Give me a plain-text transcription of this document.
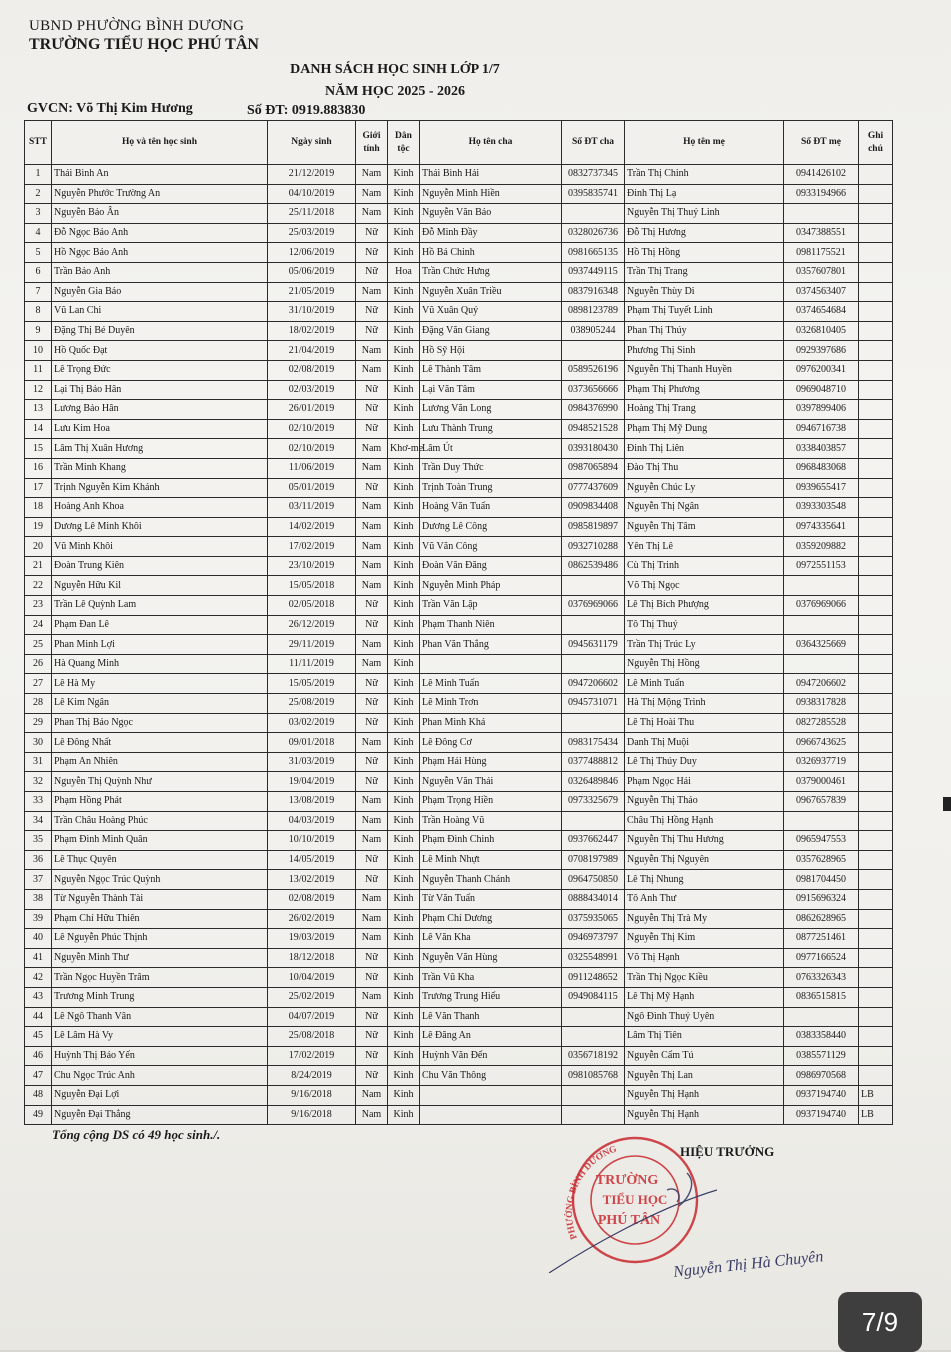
UBND PHƯỜNG BÌNH DƯƠNG
TRƯỜNG TIỂU HỌC PHÚ TÂN
DANH SÁCH HỌC SINH LỚP 1/7
NĂM HỌC 2025 - 2026
GVCN: Võ Thị Kim Hương	Số ĐT: 0919.883830
STT	Họ và tên học sinh	Ngày sinh	Giới tính	Dân tộc	Họ tên cha	Số ĐT cha	Họ tên mẹ	Số ĐT mẹ	Ghi chú
1	Thái Bình An	21/12/2019	Nam	Kinh	Thái Bình Hải	0832737345	Trần Thị Chinh	0941426102	
2	Nguyễn Phước Trường An	04/10/2019	Nam	Kinh	Nguyễn Minh Hiền	0395835741	Đinh Thị Lạ	0933194966	
3	Nguyễn Bảo Ân	25/11/2018	Nam	Kinh	Nguyễn Văn Bảo		Nguyễn Thị Thuý Linh		
4	Đỗ Ngọc Bảo Anh	25/03/2019	Nữ	Kinh	Đỗ Minh Đầy	0328026736	Đỗ Thị Hương	0347388551	
5	Hồ Ngọc Bảo Anh	12/06/2019	Nữ	Kinh	Hồ Bá Chinh	0981665135	Hồ Thị Hồng	0981175521	
6	Trần Bảo Anh	05/06/2019	Nữ	Hoa	Trần Chức Hưng	0937449115	Trần Thị Trang	0357607801	
7	Nguyễn Gia Bảo	21/05/2019	Nam	Kinh	Nguyễn Xuân Triều	0837916348	Nguyễn Thùy Di	0374563407	
8	Vũ Lan Chi	31/10/2019	Nữ	Kinh	Vũ Xuân Quý	0898123789	Phạm Thị Tuyết Linh	0374654684	
9	Đặng Thị Bé Duyên	18/02/2019	Nữ	Kinh	Đặng Văn Giang	038905244	Phan Thị Thúy	0326810405	
10	Hồ Quốc Đạt	21/04/2019	Nam	Kinh	Hồ Sỹ Hội		Phương Thị Sinh	0929397686	
11	Lê Trọng Đức	02/08/2019	Nam	Kinh	Lê Thành Tâm	0589526196	Nguyễn Thị Thanh Huyền	0976200341	
12	Lại Thị Bảo Hân	02/03/2019	Nữ	Kinh	Lại Văn Tâm	0373656666	Phạm Thị Phương	0969048710	
13	Lương Bảo Hân	26/01/2019	Nữ	Kinh	Lương Văn Long	0984376990	Hoàng Thị Trang	0397899406	
14	Lưu Kim Hoa	02/10/2019	Nữ	Kinh	Lưu Thành Trung	0948521528	Phạm Thị Mỹ Dung	0946716738	
15	Lâm Thị Xuân Hương	02/10/2019	Nam	Khơ-me	Lâm Út	0393180430	Đinh Thị Liên	0338403857	
16	Trần Minh Khang	11/06/2019	Nam	Kinh	Trần Duy Thức	0987065894	Đào Thị Thu	0968483068	
17	Trịnh Nguyễn Kim Khánh	05/01/2019	Nữ	Kinh	Trịnh Toàn Trung	0777437609	Nguyễn Chúc Ly	0939655417	
18	Hoàng Anh Khoa	03/11/2019	Nam	Kinh	Hoàng Văn Tuấn	0909834408	Nguyễn Thị Ngân	0393303548	
19	Dương Lê Minh Khôi	14/02/2019	Nam	Kinh	Dương Lê Công	0985819897	Nguyễn Thị Tâm	0974335641	
20	Vũ Minh Khôi	17/02/2019	Nam	Kinh	Vũ Văn Công	0932710288	Yên Thị Lê	0359209882	
21	Đoàn Trung Kiên	23/10/2019	Nam	Kinh	Đoàn Văn Đăng	0862539486	Cù Thị Trinh	0972551153	
22	Nguyễn Hữu Kil	15/05/2018	Nam	Kinh	Nguyễn Minh Pháp		Võ Thị Ngọc		
23	Trần Lê Quỳnh Lam	02/05/2018	Nữ	Kinh	Trần Văn Lập	0376969066	Lê Thị Bích Phượng	0376969066	
24	Phạm Đan Lê	26/12/2019	Nữ	Kinh	Phạm Thanh Niên		Tô Thị Thuý		
25	Phan Minh Lợi	29/11/2019	Nam	Kinh	Phan Văn Thắng	0945631179	Trần Thị Trúc Ly	0364325669	
26	Hà Quang Minh	11/11/2019	Nam	Kinh			Nguyễn Thị Hồng		
27	Lê Hà My	15/05/2019	Nữ	Kinh	Lê Minh Tuấn	0947206602	Lê Minh Tuấn	0947206602	
28	Lê Kim Ngân	25/08/2019	Nữ	Kinh	Lê Minh Trơn	0945731071	Hà Thị Mộng Trinh	0938317828	
29	Phan Thị Bảo Ngọc	03/02/2019	Nữ	Kinh	Phan Minh Khá		Lê Thị Hoài Thu	0827285528	
30	Lê Đông Nhất	09/01/2018	Nam	Kinh	Lê Đông Cơ	0983175434	Danh Thị Muội	0966743625	
31	Phạm An Nhiên	31/03/2019	Nữ	Kinh	Phạm Hải Hùng	0377488812	Lê Thị Thúy Duy	0326937719	
32	Nguyễn Thị Quỳnh Như	19/04/2019	Nữ	Kinh	Nguyễn Văn Thái	0326489846	Phạm Ngọc Hải	0379000461	
33	Phạm Hồng Phát	13/08/2019	Nam	Kinh	Phạm Trọng Hiền	0973325679	Nguyễn Thị Thảo	0967657839	
34	Trần Châu Hoàng Phúc	04/03/2019	Nam	Kinh	Trần Hoàng Vũ		Châu Thị Hồng Hạnh		
35	Phạm Đình Minh Quân	10/10/2019	Nam	Kinh	Phạm Đình Chinh	0937662447	Nguyễn Thị Thu Hương	0965947553	
36	Lê Thục Quyên	14/05/2019	Nữ	Kinh	Lê Minh Nhựt	0708197989	Nguyễn Thị Nguyên	0357628965	
37	Nguyễn Ngọc Trúc Quỳnh	13/02/2019	Nữ	Kinh	Nguyễn Thanh Chánh	0964750850	Lê Thị Nhung	0981704450	
38	Từ Nguyễn Thành Tài	02/08/2019	Nam	Kinh	Từ Văn Tuấn	0888434014	Tô Anh Thư	0915696324	
39	Phạm Chí Hữu Thiên	26/02/2019	Nam	Kinh	Phạm Chí Dương	0375935065	Nguyễn Thị Trà My	0862628965	
40	Lê Nguyễn Phúc Thịnh	19/03/2019	Nam	Kinh	Lê Văn Kha	0946973797	Nguyễn Thị Kim	0877251461	
41	Nguyễn Minh Thư	18/12/2018	Nữ	Kinh	Nguyễn Văn Hùng	0325548991	Võ Thị Hạnh	0977166524	
42	Trần Ngọc Huyền Trâm	10/04/2019	Nữ	Kinh	Trần Vũ Kha	0911248652	Trần Thị Ngọc Kiều	0763326343	
43	Trương Minh Trung	25/02/2019	Nam	Kinh	Trương Trung Hiếu	0949084115	Lê Thị Mỹ Hạnh	0836515815	
44	Lê Ngô Thanh Vân	04/07/2019	Nữ	Kinh	Lê Văn Thanh		Ngô Đình Thuý Uyên		
45	Lê Lâm Hà Vy	25/08/2018	Nữ	Kinh	Lê Đăng An		Lâm Thị Tiên	0383358440	
46	Huỳnh Thị Bảo Yến	17/02/2019	Nữ	Kinh	Huỳnh Văn Đến	0356718192	Nguyễn Cẩm Tú	0385571129	
47	Chu Ngọc Trúc Anh	8/24/2019	Nữ	Kinh	Chu Văn Thông	0981085768	Nguyễn Thị Lan	0986970568	
48	Nguyễn Đại Lợi	9/16/2018	Nam	Kinh			Nguyễn Thị Hạnh	0937194740	LB
49	Nguyễn Đại Thắng	9/16/2018	Nam	Kinh			Nguyễn Thị Hạnh	0937194740	LB
Tổng cộng DS có 49 học sinh./.
PHƯỜNG BÌNH DƯƠNG
TRƯỜNG
TIỂU HỌC
PHÚ TÂN
HIỆU TRƯỞNG
Nguyễn Thị Hà Chuyên
7/9
